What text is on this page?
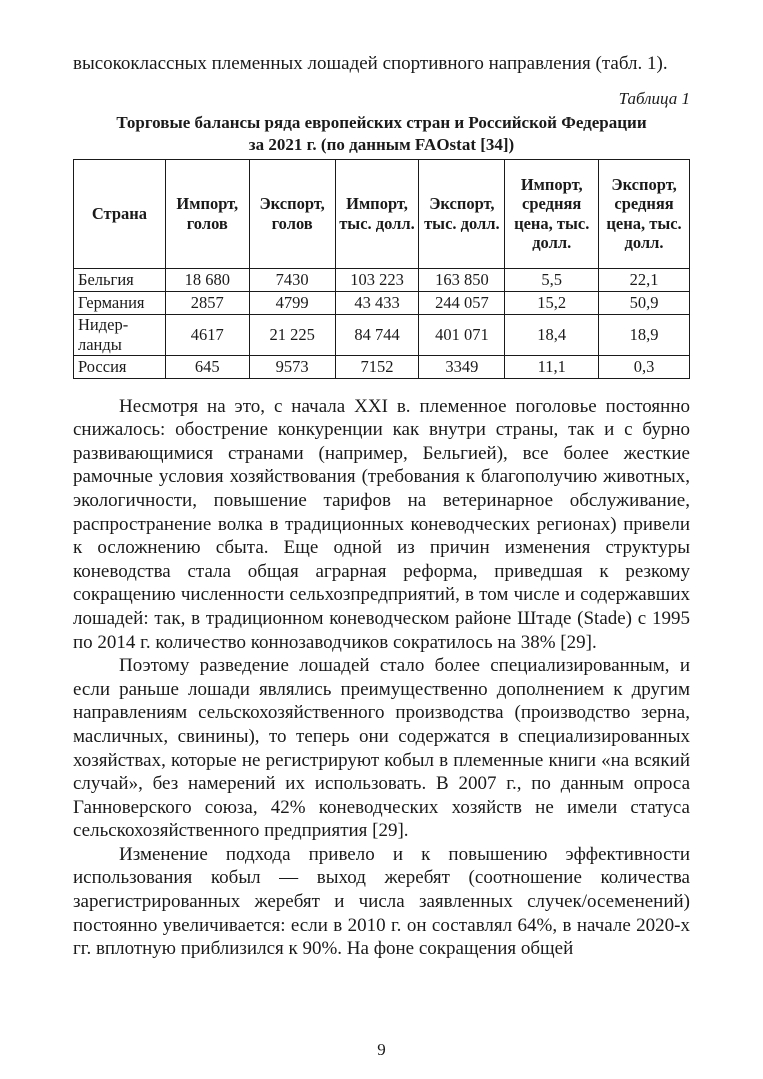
высококлассных племенных лошадей спортивного направления (табл. 1).

Таблица 1
Торговые балансы ряда европейских стран и Российской Федерации
за 2021 г. (по данным FAOstat [34])
Страна	Импорт, голов	Экспорт, голов	Импорт, тыс. долл.	Экспорт, тыс. долл.	Импорт, средняя цена, тыс. долл.	Экспорт, средняя цена, тыс. долл.
Бельгия	18 680	7430	103 223	163 850	5,5	22,1
Германия	2857	4799	43 433	244 057	15,2	50,9
Нидер-ланды	4617	21 225	84 744	401 071	18,4	18,9
Россия	645	9573	7152	3349	11,1	0,3

Несмотря на это, с начала XXI в. племенное поголовье постоянно снижалось: обострение конкуренции как внутри страны, так и с бурно развивающимися странами (например, Бельгией), все более жесткие рамочные условия хозяйствования (требования к благополучию животных, экологичности, повышение тарифов на ветеринарное обслуживание, распространение волка в традиционных коневодческих регионах) привели к осложнению сбыта. Еще одной из причин изменения структуры коневодства стала общая аграрная реформа, приведшая к резкому сокращению численности сельхозпредприятий, в том числе и содержавших лошадей: так, в традиционном коневодческом районе Штаде (Stade) с 1995 по 2014 г. количество коннозаводчиков сократилось на 38% [29].

Поэтому разведение лошадей стало более специализированным, и если раньше лошади являлись преимущественно дополнением к другим направлениям сельскохозяйственного производства (производство зерна, масличных, свинины), то теперь они содержатся в специализированных хозяйствах, которые не регистрируют кобыл в племенные книги «на всякий случай», без намерений их использовать. В 2007 г., по данным опроса Ганноверского союза, 42% коневодческих хозяйств не имели статуса сельскохозяйственного предприятия [29].

Изменение подхода привело и к повышению эффективности использования кобыл — выход жеребят (соотношение количества зарегистрированных жеребят и числа заявленных случек/осеменений) постоянно увеличивается: если в 2010 г. он составлял 64%, в начале 2020-х гг. вплотную приблизился к 90%. На фоне сокращения общей

9
